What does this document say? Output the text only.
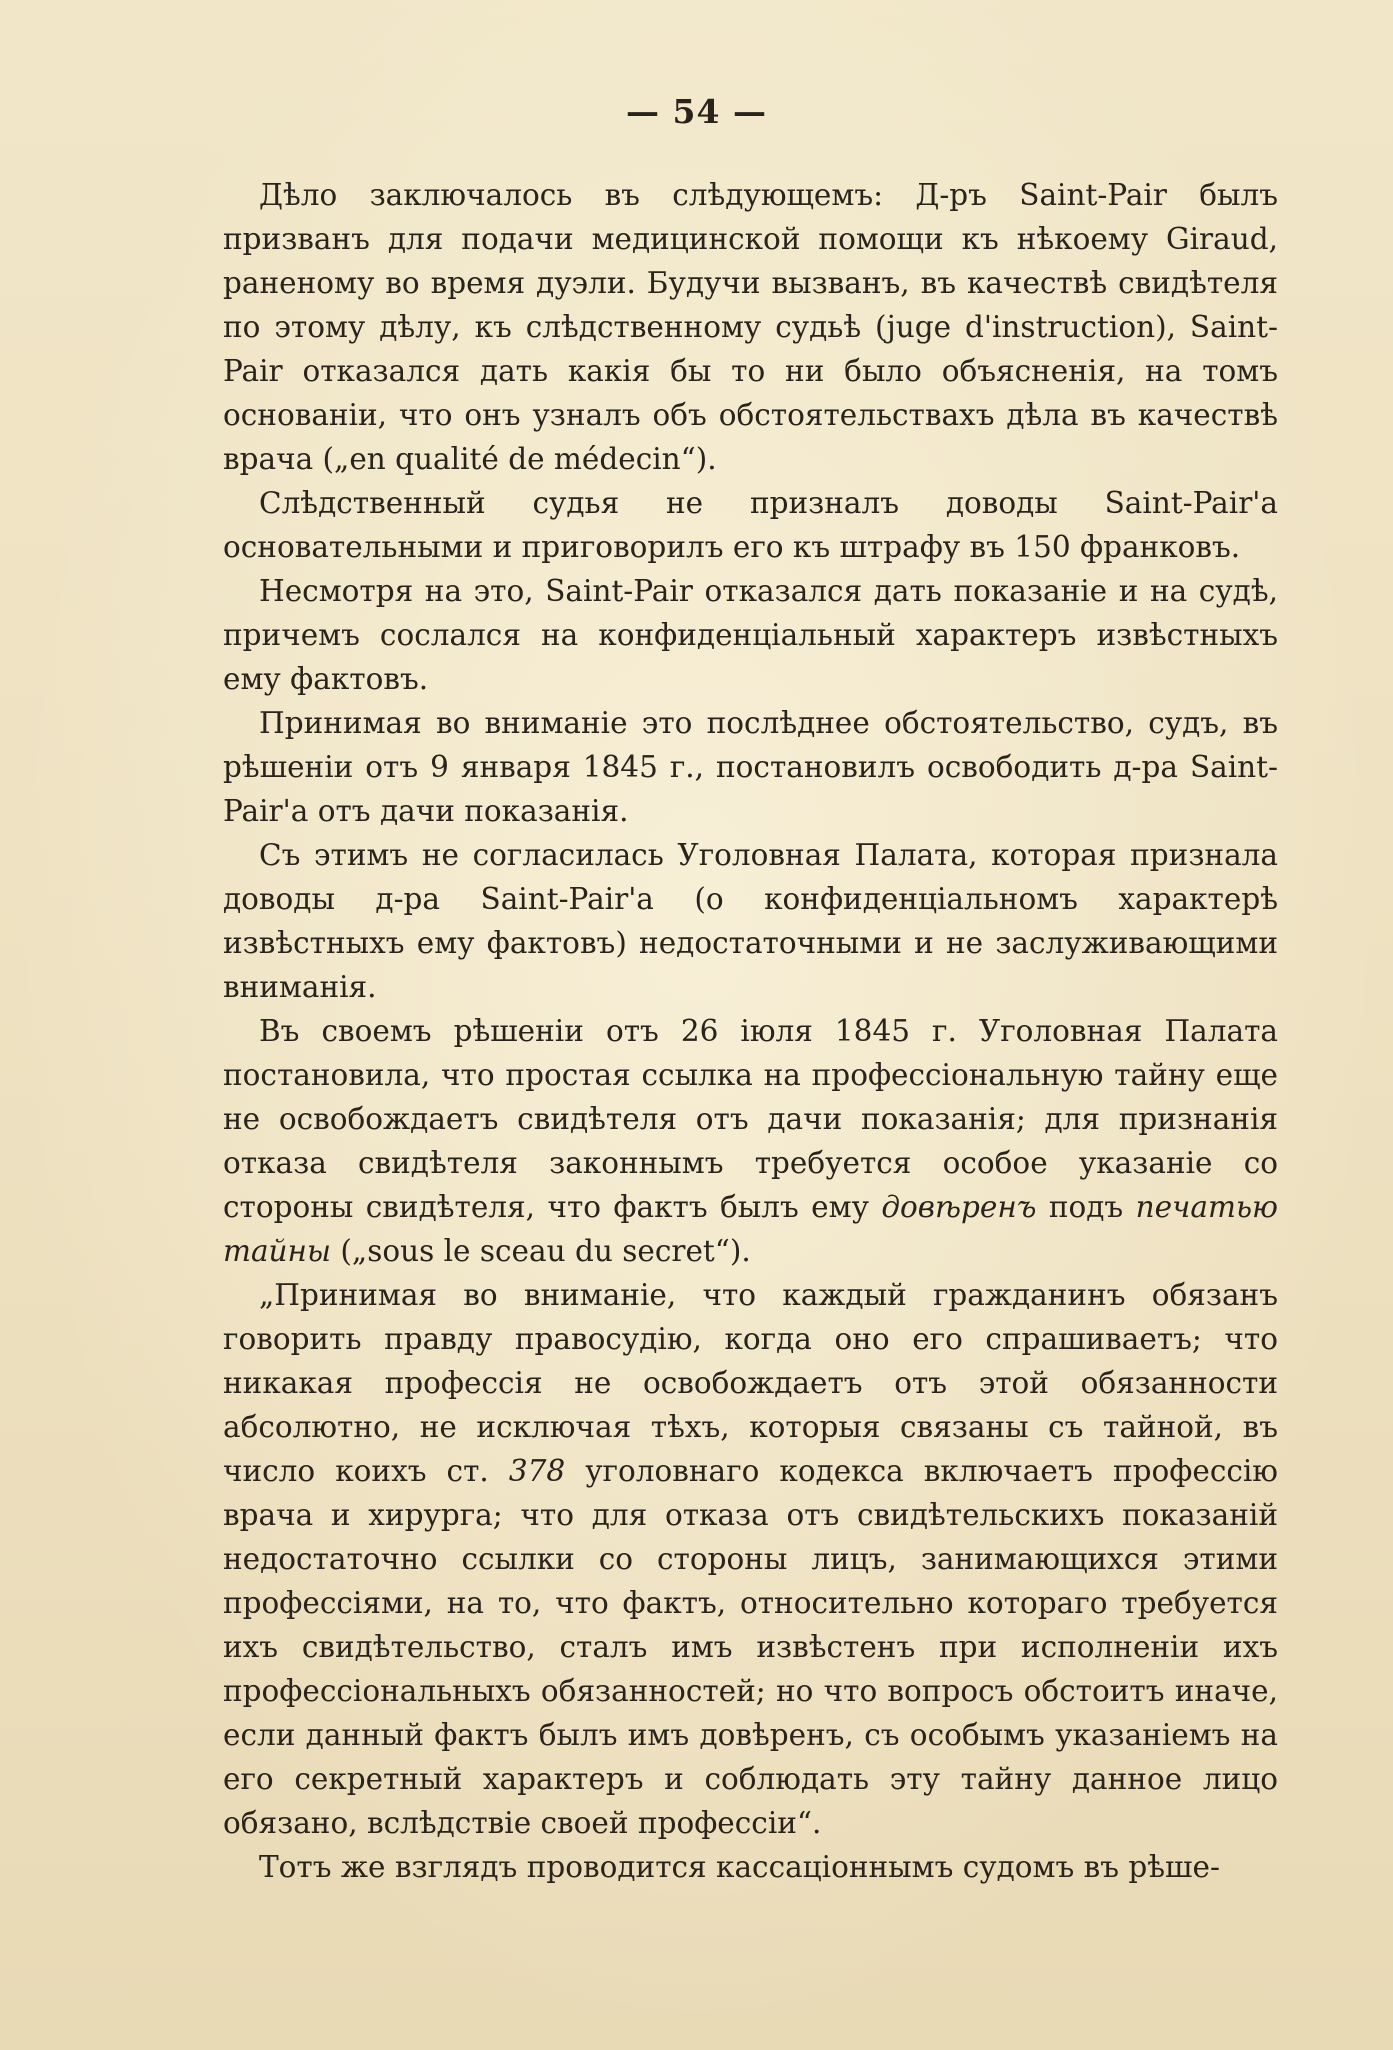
— 54 —

Дѣло заключалось въ слѣдующемъ: Д-ръ Saint-Pair былъ призванъ для подачи медицинской помощи къ нѣкоему Giraud, раненому во время дуэли. Будучи вызванъ, въ качествѣ свидѣтеля по этому дѣлу, къ слѣдственному судьѣ (juge d'instruction), Saint-Pair отказался дать какія бы то ни было объясненія, на томъ основаніи, что онъ узналъ объ обстоятельствахъ дѣла въ качествѣ врача („en qualité de médecin“).

Слѣдственный судья не призналъ доводы Saint-Pair'а основательными и приговорилъ его къ штрафу въ 150 франковъ.

Несмотря на это, Saint-Pair отказался дать показаніе и на судѣ, причемъ сослался на конфиденціальный характеръ извѣстныхъ ему фактовъ.

Принимая во вниманіе это послѣднее обстоятельство, судъ, въ рѣшеніи отъ 9 января 1845 г., постановилъ освободить д-ра Saint-Pair'а отъ дачи показанія.

Съ этимъ не согласилась Уголовная Палата, которая признала доводы д-ра Saint-Pair'а (о конфиденціальномъ характерѣ извѣстныхъ ему фактовъ) недостаточными и не заслуживающими вниманія.

Въ своемъ рѣшеніи отъ 26 іюля 1845 г. Уголовная Палата постановила, что простая ссылка на профессіональную тайну еще не освобождаетъ свидѣтеля отъ дачи показанія; для признанія отказа свидѣтеля законнымъ требуется особое указаніе со стороны свидѣтеля, что фактъ былъ ему довѣренъ подъ печатью тайны („sous le sceau du secret“).

„Принимая во вниманіе, что каждый гражданинъ обязанъ говорить правду правосудію, когда оно его спрашиваетъ; что никакая профессія не освобождаетъ отъ этой обязанности абсолютно, не исключая тѣхъ, которыя связаны съ тайной, въ число коихъ ст. 378 уголовнаго кодекса включаетъ профессію врача и хирурга; что для отказа отъ свидѣтельскихъ показаній недостаточно ссылки со стороны лицъ, занимающихся этими профессіями, на то, что фактъ, относительно котораго требуется ихъ свидѣтельство, сталъ имъ извѣстенъ при исполненіи ихъ профессіональныхъ обязанностей; но что вопросъ обстоитъ иначе, если данный фактъ былъ имъ довѣренъ, съ особымъ указаніемъ на его секретный характеръ и соблюдать эту тайну данное лицо обязано, вслѣдствіе своей профессіи“.

Тотъ же взглядъ проводится кассаціоннымъ судомъ въ рѣше-
